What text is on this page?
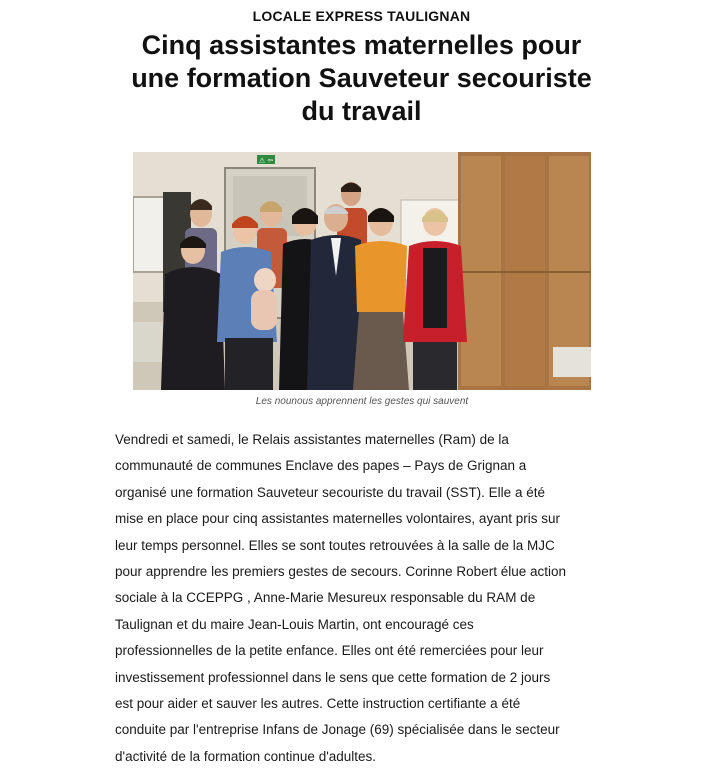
LOCALE EXPRESS TAULIGNAN
Cinq assistantes maternelles pour
une formation Sauveteur secouriste
du travail
⚠ ⇦
Les nounous apprennent les gestes qui sauvent
Vendredi et samedi, le Relais assistantes maternelles (Ram) de la
communauté de communes Enclave des papes – Pays de Grignan a
organisé une formation Sauveteur secouriste du travail (SST). Elle a été
mise en place pour cinq assistantes maternelles volontaires, ayant pris sur
leur temps personnel. Elles se sont toutes retrouvées à la salle de la MJC
pour apprendre les premiers gestes de secours. Corinne Robert élue action
sociale à la CCEPPG , Anne-Marie Mesureux responsable du RAM de
Taulignan et du maire Jean-Louis Martin, ont encouragé ces
professionnelles de la petite enfance. Elles ont été remerciées pour leur
investissement professionnel dans le sens que cette formation de 2 jours
est pour aider et sauver les autres. Cette instruction certifiante a été
conduite par l'entreprise Infans de Jonage (69) spécialisée dans le secteur
d'activité de la formation continue d'adultes.
